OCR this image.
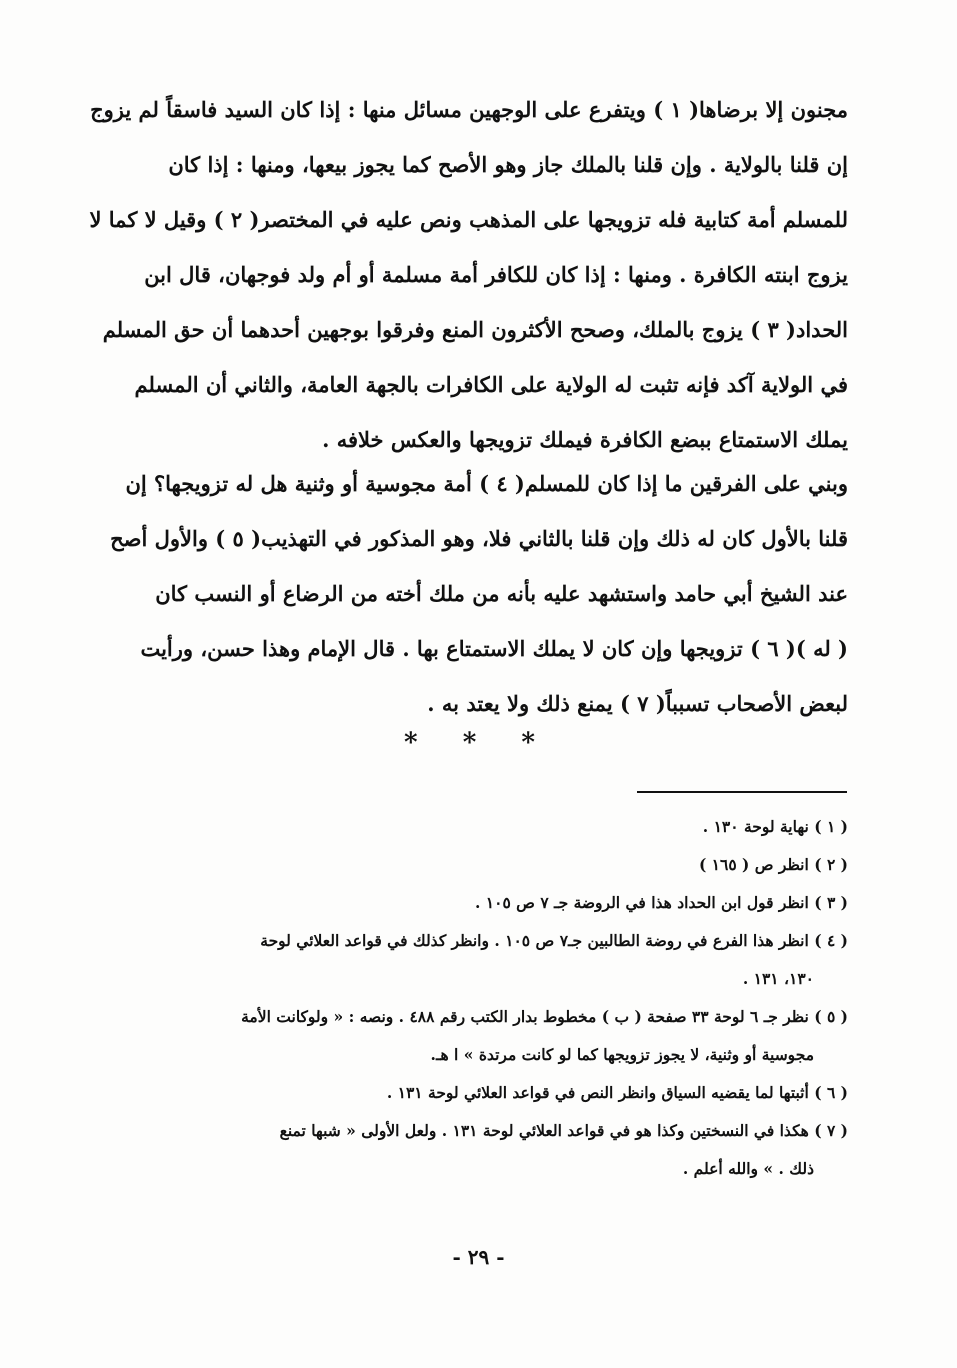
مجنون إلا برضاها( ١ ) ويتفرع على الوجهين مسائل منها : إذا كان السيد فاسقاً لم يزوج
إن قلنا بالولاية . وإن قلنا بالملك جاز وهو الأصح كما يجوز بيعها، ومنها : إذا كان
للمسلم أمة كتابية فله تزويجها على المذهب ونص عليه في المختصر( ٢ ) وقيل لا كما لا
يزوج ابنته الكافرة . ومنها : إذا كان للكافر أمة مسلمة أو أم ولد فوجهان، قال ابن
الحداد( ٣ ) يزوج بالملك، وصحح الأكثرون المنع وفرقوا بوجهين أحدهما أن حق المسلم
في الولاية آكد فإنه تثبت له الولاية على الكافرات بالجهة العامة، والثاني أن المسلم
يملك الاستمتاع ببضع الكافرة فيملك تزويجها والعكس خلافه .
وبني على الفرقين ما إذا كان للمسلم( ٤ ) أمة مجوسية أو وثنية هل له تزويجها؟ إن
قلنا بالأول كان له ذلك وإن قلنا بالثاني فلا، وهو المذكور في التهذيب( ٥ ) والأول أصح
عند الشيخ أبي حامد واستشهد عليه بأنه من ملك أخته من الرضاع أو النسب كان
( له )( ٦ ) تزويجها وإن كان لا يملك الاستمتاع بها . قال الإمام وهذا حسن، ورأيت
لبعض الأصحاب تسبباً( ٧ ) يمنع ذلك ولا يعتد به .
* * *
( ١ ) نهاية لوحة ١٣٠ .
( ٢ ) انظر ص ( ١٦٥ )
( ٣ ) انظر قول ابن الحداد هذا في الروضة جـ ٧ ص ١٠٥ .
( ٤ ) انظر هذا الفرع في روضة الطالبين جـ٧ ص ١٠٥ . وانظر كذلك في قواعد العلائي لوحة
١٣٠، ١٣١ .
( ٥ ) نظر جـ ٦ لوحة ٣٣ صفحة ( ب ) مخطوط بدار الكتب رقم ٤٨٨ . ونصه : « ولوكانت الأمة
مجوسية أو وثنية، لا يجوز تزويجها كما لو كانت مرتدة » ا هـ.
( ٦ ) أثبتها لما يقضيه السياق وانظر النص في قواعد العلائي لوحة ١٣١ .
( ٧ ) هكذا في النسختين وكذا هو في قواعد العلائي لوحة ١٣١ . ولعل الأولى « شبها تمنع
ذلك . » والله أعلم .
- ٢٩ -
